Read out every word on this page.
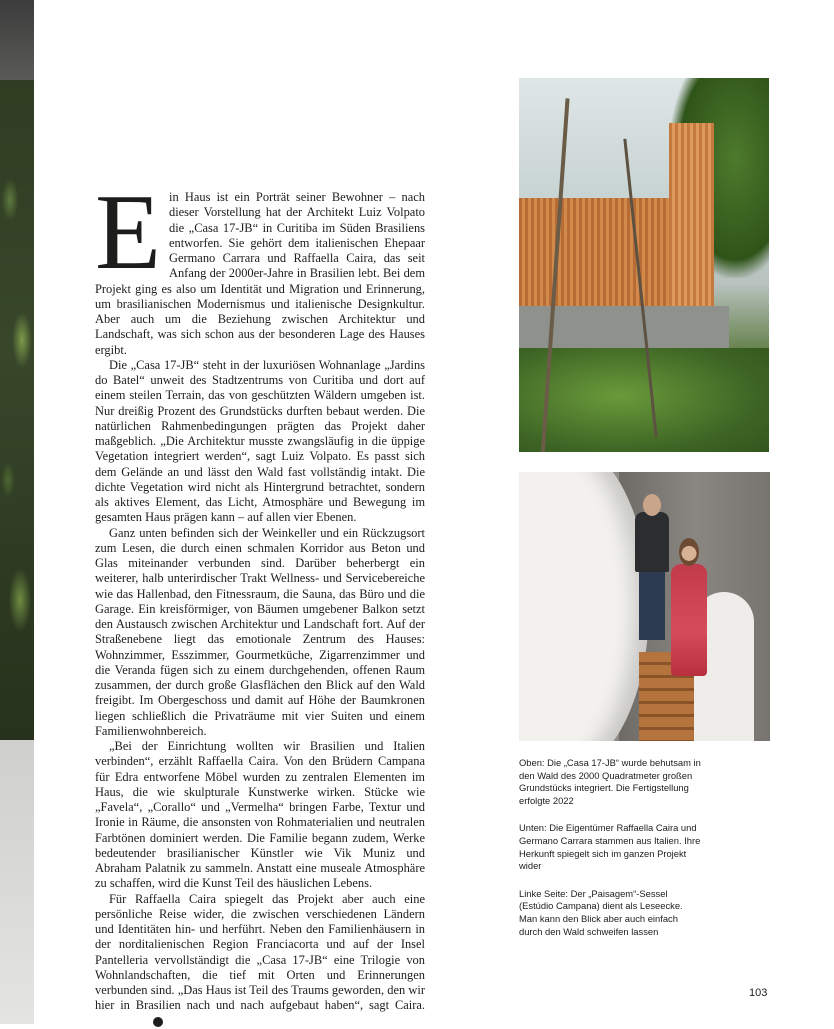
Ein Haus ist ein Porträt seiner Bewohner – nach dieser Vorstellung hat der Architekt Luiz Volpato die „Casa 17-JB“ in Curitiba im Süden Brasiliens entworfen. Sie gehört dem italienischen Ehepaar Germano Carrara und Raffaella Caira, das seit Anfang der 2000er-Jahre in Brasilien lebt. Bei dem Projekt ging es also um Identität und Migration und Erinnerung, um brasilianischen Modernismus und italienische Designkultur. Aber auch um die Beziehung zwischen Architektur und Landschaft, was sich schon aus der besonderen Lage des Hauses ergibt.

Die „Casa 17-JB“ steht in der luxuriösen Wohnanlage „Jardins do Batel“ unweit des Stadtzentrums von Curitiba und dort auf einem steilen Terrain, das von geschützten Wäldern umgeben ist. Nur dreißig Prozent des Grundstücks durften bebaut werden. Die natürlichen Rahmenbedingungen prägten das Projekt daher maßgeblich. „Die Architektur musste zwangsläufig in die üppige Vegetation integriert werden“, sagt Luiz Volpato. Es passt sich dem Gelände an und lässt den Wald fast vollständig intakt. Die dichte Vegetation wird nicht als Hintergrund betrachtet, sondern als aktives Element, das Licht, Atmosphäre und Bewegung im gesamten Haus prägen kann – auf allen vier Ebenen.

Ganz unten befinden sich der Weinkeller und ein Rückzugsort zum Lesen, die durch einen schmalen Korridor aus Beton und Glas miteinander verbunden sind. Darüber beherbergt ein weiterer, halb unterirdischer Trakt Wellness- und Servicebereiche wie das Hallenbad, den Fitnessraum, die Sauna, das Büro und die Garage. Ein kreisförmiger, von Bäumen umgebener Balkon setzt den Austausch zwischen Architektur und Landschaft fort. Auf der Straßenebene liegt das emotionale Zentrum des Hauses: Wohnzimmer, Esszimmer, Gourmetküche, Zigarrenzimmer und die Veranda fügen sich zu einem durchgehenden, offenen Raum zusammen, der durch große Glasflächen den Blick auf den Wald freigibt. Im Obergeschoss und damit auf Höhe der Baumkronen liegen schließlich die Privaträume mit vier Suiten und einem Familienwohnbereich.

„Bei der Einrichtung wollten wir Brasilien und Italien verbinden“, erzählt Raffaella Caira. Von den Brüdern Campana für Edra entworfene Möbel wurden zu zentralen Elementen im Haus, die wie skulpturale Kunstwerke wirken. Stücke wie „Favela“, „Corallo“ und „Vermelha“ bringen Farbe, Textur und Ironie in Räume, die ansonsten von Rohmaterialien und neutralen Farbtönen dominiert werden. Die Familie begann zudem, Werke bedeutender brasilianischer Künstler wie Vik Muniz und Abraham Palatnik zu sammeln. Anstatt eine museale Atmosphäre zu schaffen, wird die Kunst Teil des häuslichen Lebens.

Für Raffaella Caira spiegelt das Projekt aber auch eine persönliche Reise wider, die zwischen verschiedenen Ländern und Identitäten hin- und herführt. Neben den Familienhäusern in der norditalienischen Region Franciacorta und auf der Insel Pantelleria vervollständigt die „Casa 17-JB“ eine Trilogie von Wohnlandschaften, die tief mit Orten und Erinnerungen verbunden sind. „Das Haus ist Teil des Traums geworden, den wir hier in Brasilien nach und nach aufgebaut haben“, sagt Caira.C

Oben: Die „Casa 17-JB“ wurde behutsam in den Wald des 2000 Quadratmeter großen Grundstücks integriert. Die Fertigstellung erfolgte 2022

Unten: Die Eigentümer Raffaella Caira und Germano Carrara stammen aus Italien. Ihre Herkunft spiegelt sich im ganzen Projekt wider

Linke Seite: Der „Paisagem“-Sessel (Estúdio Campana) dient als Leseecke. Man kann den Blick aber auch einfach durch den Wald schweifen lassen

103
